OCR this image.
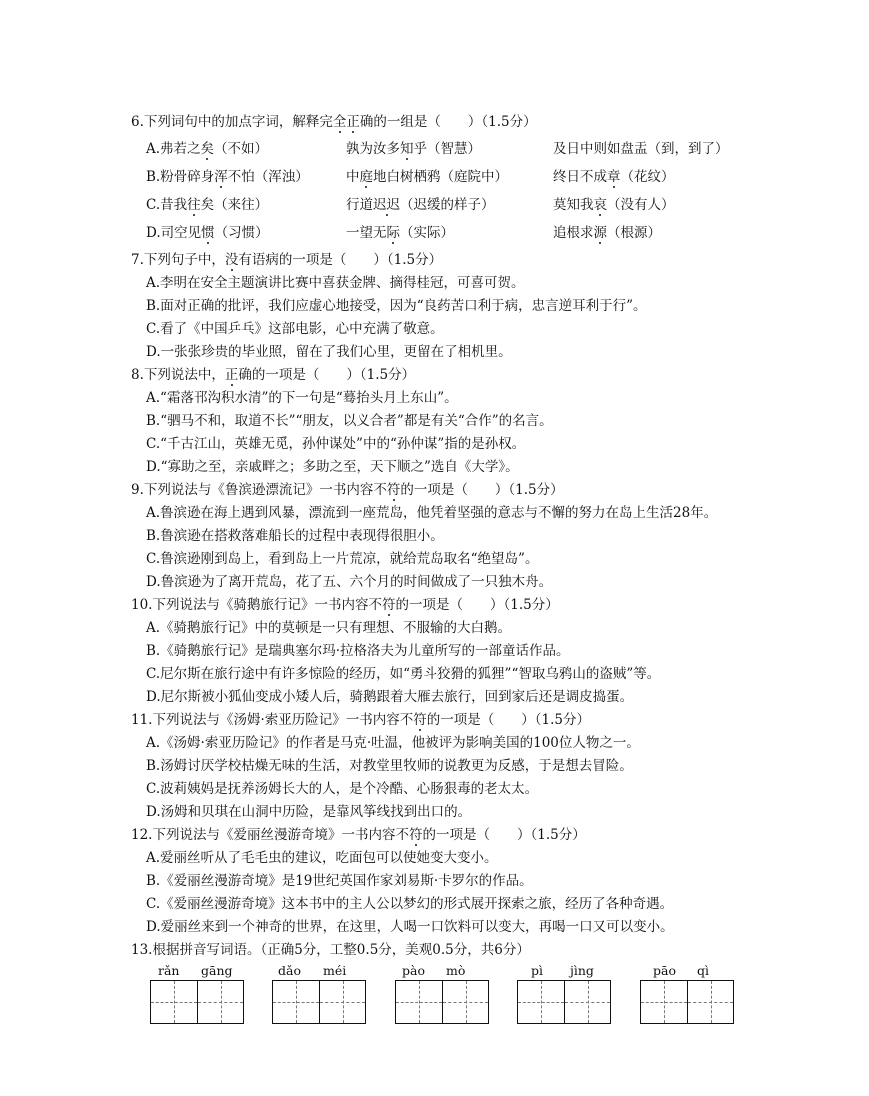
6.下列词句中的加点字词，解释完全正确的一组是（　　）（1.5分）
A.弗若之矣（不如）	孰为汝多知乎（智慧）	及日中则如盘盂（到，到了）
B.粉骨碎身浑不怕（浑浊）	中庭地白树栖鸦（庭院中）	终日不成章（花纹）
C.昔我往矣（来往）	行道迟迟（迟缓的样子）	莫知我哀（没有人）
D.司空见惯（习惯）	一望无际（实际）	追根求源（根源）
7.下列句子中，没有语病的一项是（　　）（1.5分）
A.李明在安全主题演讲比赛中喜获金牌、摘得桂冠，可喜可贺。
B.面对正确的批评，我们应虚心地接受，因为“良药苦口利于病，忠言逆耳利于行”。
C.看了《中国乒乓》这部电影，心中充满了敬意。
D.一张张珍贵的毕业照，留在了我们心里，更留在了相机里。
8.下列说法中，正确的一项是（　　）（1.5分）
A.“霜落邗沟积水清”的下一句是“蓦抬头月上东山”。
B.“驷马不和，取道不长”“朋友，以义合者”都是有关“合作”的名言。
C.“千古江山，英雄无觅，孙仲谋处”中的“孙仲谋”指的是孙权。
D.“寡助之至，亲戚畔之；多助之至，天下顺之”选自《大学》。
9.下列说法与《鲁滨逊漂流记》一书内容不符的一项是（　　）（1.5分）
A.鲁滨逊在海上遇到风暴，漂流到一座荒岛，他凭着坚强的意志与不懈的努力在岛上生活28年。
B.鲁滨逊在搭救落难船长的过程中表现得很胆小。
C.鲁滨逊刚到岛上，看到岛上一片荒凉，就给荒岛取名“绝望岛”。
D.鲁滨逊为了离开荒岛，花了五、六个月的时间做成了一只独木舟。
10.下列说法与《骑鹅旅行记》一书内容不符的一项是（　　）（1.5分）
A.《骑鹅旅行记》中的莫顿是一只有理想、不服输的大白鹅。
B.《骑鹅旅行记》是瑞典塞尔玛·拉格洛夫为儿童所写的一部童话作品。
C.尼尔斯在旅行途中有许多惊险的经历，如“勇斗狡猾的狐狸”“智取乌鸦山的盗贼”等。
D.尼尔斯被小狐仙变成小矮人后，骑鹅跟着大雁去旅行，回到家后还是调皮捣蛋。
11.下列说法与《汤姆·索亚历险记》一书内容不符的一项是（　　）（1.5分）
A.《汤姆·索亚历险记》的作者是马克·吐温，他被评为影响美国的100位人物之一。
B.汤姆讨厌学校枯燥无味的生活，对教堂里牧师的说教更为反感，于是想去冒险。
C.波莉姨妈是抚养汤姆长大的人，是个冷酷、心肠狠毒的老太太。
D.汤姆和贝琪在山洞中历险，是靠风筝线找到出口的。
12.下列说法与《爱丽丝漫游奇境》一书内容不符的一项是（　　）（1.5分）
A.爱丽丝听从了毛毛虫的建议，吃面包可以使她变大变小。
B.《爱丽丝漫游奇境》是19世纪英国作家刘易斯·卡罗尔的作品。
C.《爱丽丝漫游奇境》这本书中的主人公以梦幻的形式展开探索之旅，经历了各种奇遇。
D.爱丽丝来到一个神奇的世界，在这里，人喝一口饮料可以变大，再喝一口又可以变小。
13.根据拼音写词语。（正确5分，工整0.5分，美观0.5分，共6分）
rǎn gāng	dǎo méi	pào mò	pì jìng	pāo qì
